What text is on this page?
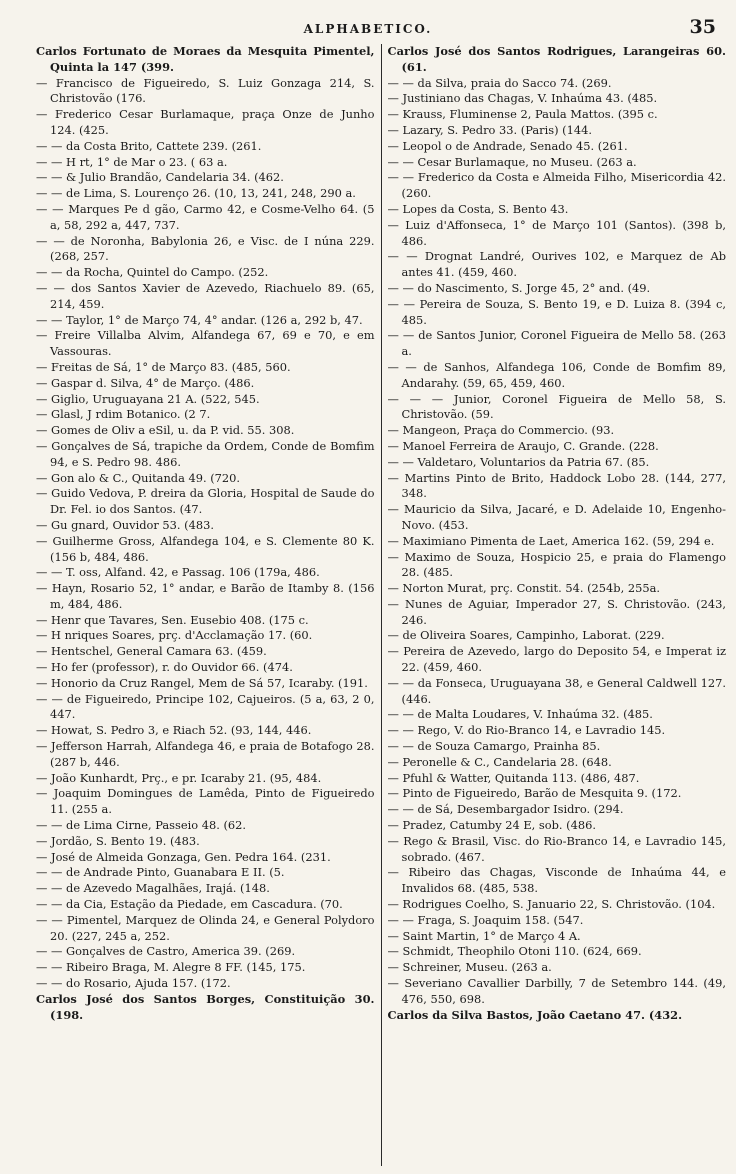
ALPHABETICO.	35

Carlos Fortunato de Moraes da Mesquita Pimentel, Quinta la 147 (399.

— Francisco de Figueiredo, S. Luiz Gonzaga 214, S. Christovão (176.

— Frederico Cesar Burlamaque, praça Onze de Junho 124. (425.

— — da Costa Brito, Cattete 239. (261.

— — H rt, 1° de Mar o 23. ( 63 a.

— — & Julio Brandão, Candelaria 34. (462.

— — de Lima, S. Lourenço 26. (10, 13, 241, 248, 290 a.

— — Marques Pe d gão, Carmo 42, e Cosme-Velho 64. (5 a, 58, 292 a, 447, 737.

— — de Noronha, Babylonia 26, e Visc. de I núna 229. (268, 257.

— — da Rocha, Quintel do Campo. (252.

— — dos Santos Xavier de Azevedo, Riachuelo 89. (65, 214, 459.

— — Taylor, 1° de Março 74, 4° andar. (126 a, 292 b, 47.

— Freire Villalba Alvim, Alfandega 67, 69 e 70, e em Vassouras.

— Freitas de Sá, 1° de Março 83. (485, 560.

— Gaspar d. Silva, 4° de Março. (486.

— Giglio, Uruguayana 21 A. (522, 545.

— Glasl, J rdim Botanico. (2 7.

— Gomes de Oliv a eSil, u. da P. vid. 55. 308.

— Gonçalves de Sá, trapiche da Ordem, Conde de Bomfim 94, e S. Pedro 98. 486.

— Gon alo & C., Quitanda 49. (720.

— Guido Vedova, P. dreira da Gloria, Hospital de Saude do Dr. Fel. io dos Santos. (47.

— Gu gnard, Ouvidor 53. (483.

— Guilherme Gross, Alfandega 104, e S. Clemente 80 K. (156 b, 484, 486.

— — T. oss, Alfand. 42, e Passag. 106 (179a, 486.

— Hayn, Rosario 52, 1° andar, e Barão de Itamby 8. (156 m, 484, 486.

— Henr que Tavares, Sen. Eusebio 408. (175 c.

— H nriques Soares, prç. d'Acclamação 17. (60.

— Hentschel, General Camara 63. (459.

— Ho fer (professor), r. do Ouvidor 66. (474.

— Honorio da Cruz Rangel, Mem de Sá 57, Icaraby. (191.

— — de Figueiredo, Principe 102, Cajueiros. (5 a, 63, 2 0, 447.

— Howat, S. Pedro 3, e Riach 52. (93, 144, 446.

— Jefferson Harrah, Alfandega 46, e praia de Botafogo 28. (287 b, 446.

— João Kunhardt, Prç., e pr. Icaraby 21. (95, 484.

— Joaquim Domingues de Lamêda, Pinto de Figueiredo 11. (255 a.

— — de Lima Cirne, Passeio 48. (62.

— Jordão, S. Bento 19. (483.

— José de Almeida Gonzaga, Gen. Pedra 164. (231.

— — de Andrade Pinto, Guanabara E II. (5.

— — de Azevedo Magalhães, Irajá. (148.

— — da Cia, Estação da Piedade, em Cascadura. (70.

— — Pimentel, Marquez de Olinda 24, e General Polydoro 20. (227, 245 a, 252.

— — Gonçalves de Castro, America 39. (269.

— — Ribeiro Braga, M. Alegre 8 FF. (145, 175.

— — do Rosario, Ajuda 157. (172.

Carlos José dos Santos Borges, Constituição 30. (198.

Carlos José dos Santos Rodrigues, Larangeiras 60. (61.

— — da Silva, praia do Sacco 74. (269.

— Justiniano das Chagas, V. Inhaúma 43. (485.

— Krauss, Fluminense 2, Paula Mattos. (395 c.

— Lazary, S. Pedro 33. (Paris) (144.

— Leopol o de Andrade, Senado 45. (261.

— — Cesar Burlamaque, no Museu. (263 a.

— — Frederico da Costa e Almeida Filho, Misericordia 42. (260.

— Lopes da Costa, S. Bento 43.

— Luiz d'Affonseca, 1° de Março 101 (Santos). (398 b, 486.

— — Drognat Landré, Ourives 102, e Marquez de Ab antes 41. (459, 460.

— — do Nascimento, S. Jorge 45, 2° and. (49.

— — Pereira de Souza, S. Bento 19, e D. Luiza 8. (394 c, 485.

— — de Santos Junior, Coronel Figueira de Mello 58. (263 a.

— — de Sanhos, Alfandega 106, Conde de Bomfim 89, Andarahy. (59, 65, 459, 460.

— — — Junior, Coronel Figueira de Mello 58, S. Christovão. (59.

— Mangeon, Praça do Commercio. (93.

— Manoel Ferreira de Araujo, C. Grande. (228.

— — Valdetaro, Voluntarios da Patria 67. (85.

— Martins Pinto de Brito, Haddock Lobo 28. (144, 277, 348.

— Mauricio da Silva, Jacaré, e D. Adelaide 10, Engenho-Novo. (453.

— Maximiano Pimenta de Laet, America 162. (59, 294 e.

— Maximo de Souza, Hospicio 25, e praia do Flamengo 28. (485.

— Norton Murat, prç. Constit. 54. (254b, 255a.

— Nunes de Aguiar, Imperador 27, S. Christovão. (243, 246.

— de Oliveira Soares, Campinho, Laborat. (229.

— Pereira de Azevedo, largo do Deposito 54, e Imperat iz 22. (459, 460.

— — da Fonseca, Uruguayana 38, e General Caldwell 127. (446.

— — de Malta Loudares, V. Inhaúma 32. (485.

— — Rego, V. do Rio-Branco 14, e Lavradio 145.

— — de Souza Camargo, Prainha 85.

— Peronelle & C., Candelaria 28. (648.

— Pfuhl & Watter, Quitanda 113. (486, 487.

— Pinto de Figueiredo, Barão de Mesquita 9. (172.

— — de Sá, Desembargador Isidro. (294.

— Pradez, Catumby 24 E, sob. (486.

— Rego & Brasil, Visc. do Rio-Branco 14, e Lavradio 145, sobrado. (467.

— Ribeiro das Chagas, Visconde de Inhaúma 44, e Invalidos 68. (485, 538.

— Rodrigues Coelho, S. Januario 22, S. Christovão. (104.

— — Fraga, S. Joaquim 158. (547.

— Saint Martin, 1° de Março 4 A.

— Schmidt, Theophilo Otoni 110. (624, 669.

— Schreiner, Museu. (263 a.

— Severiano Cavallier Darbilly, 7 de Setembro 144. (49, 476, 550, 698.

Carlos da Silva Bastos, João Caetano 47. (432.
